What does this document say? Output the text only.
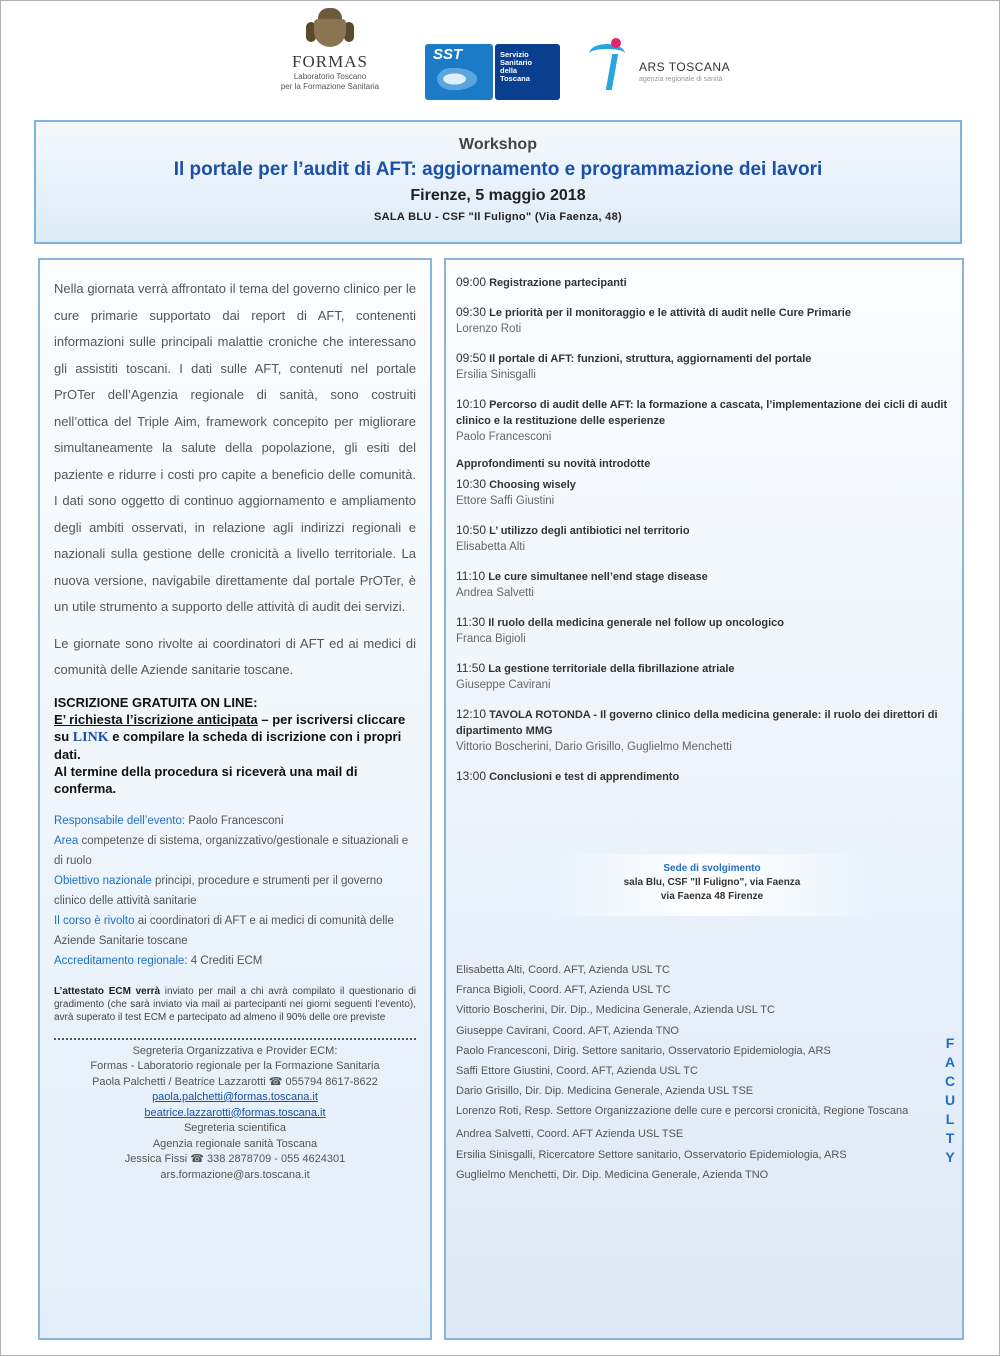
FORMAS
Laboratorio Toscano
per la Formazione Sanitaria
SST	Servizio
Sanitario
della
Toscana
ARS TOSCANA
agenzia regionale di sanità
Workshop
Il portale per l’audit di AFT: aggiornamento e programmazione dei lavori
Firenze, 5 maggio 2018
SALA BLU - CSF "Il Fuligno" (Via Faenza, 48)

Nella giornata verrà affrontato il tema del governo clinico per le cure primarie supportato dai report di AFT, contenenti informazioni sulle principali malattie croniche che interessano gli assistiti toscani. I dati sulle AFT, contenuti nel portale PrOTer dell’Agenzia regionale di sanità, sono costruiti nell’ottica del Triple Aim, framework concepito per migliorare simultaneamente la salute della popolazione, gli esiti del paziente e ridurre i costi pro capite a beneficio delle comunità. I dati sono oggetto di continuo aggiornamento e ampliamento degli ambiti osservati, in relazione agli indirizzi regionali e nazionali sulla gestione delle cronicità a livello territoriale. La nuova versione, navigabile direttamente dal portale PrOTer, è un utile strumento a supporto delle attività di audit dei servizi.

Le giornate sono rivolte ai coordinatori di AFT ed ai medici di comunità delle Aziende sanitarie toscane.

ISCRIZIONE GRATUITA ON LINE:
E’ richiesta l’iscrizione anticipata – per iscriversi cliccare su LINK e compilare la scheda di iscrizione con i propri dati.
Al termine della procedura si riceverà una mail di conferma.
Responsabile dell’evento: Paolo Francesconi
Area competenze di sistema, organizzativo/gestionale e situazionali e di ruolo
Obiettivo nazionale principi, procedure e strumenti per il governo clinico delle attività sanitarie
Il corso è rivolto ai coordinatori di AFT e ai medici di comunità delle Aziende Sanitarie toscane
Accreditamento regionale: 4 Crediti ECM
L’attestato ECM verrà inviato per mail a chi avrà compilato il questionario di gradimento (che sarà inviato via mail ai partecipanti nei giorni seguenti l’evento), avrà superato il test ECM e partecipato ad almeno il 90% delle ore previste
Segreteria Organizzativa e Provider ECM:
Formas - Laboratorio regionale per la Formazione Sanitaria
Paola Palchetti / Beatrice Lazzarotti ☎ 055794 8617-8622
paola.palchetti@formas.toscana.it
beatrice.lazzarotti@formas.toscana.it
Segreteria scientifica
Agenzia regionale sanità Toscana
Jessica Fissi ☎ 338 2878709 - 055 4624301
ars.formazione@ars.toscana.it
09:00 Registrazione partecipanti
09:30 Le priorità per il monitoraggio e le attività di audit nelle Cure Primarie
Lorenzo Roti
09:50 Il portale di AFT: funzioni, struttura, aggiornamenti del portale
Ersilia Sinisgalli
10:10 Percorso di audit delle AFT: la formazione a cascata, l’implementazione dei cicli di audit clinico e la restituzione delle esperienze
Paolo Francesconi
Approfondimenti su novità introdotte
10:30 Choosing wisely
Ettore Saffi Giustini
10:50 L’ utilizzo degli antibiotici nel territorio
Elisabetta Alti
11:10 Le cure simultanee nell’end stage disease
Andrea Salvetti
11:30 Il ruolo della medicina generale nel follow up oncologico
Franca Bigioli
11:50 La gestione territoriale della fibrillazione atriale
Giuseppe Cavirani
12:10 TAVOLA ROTONDA - Il governo clinico della medicina generale: il ruolo dei direttori di dipartimento MMG
Vittorio Boscherini, Dario Grisillo, Guglielmo Menchetti
13:00 Conclusioni e test di apprendimento
Sede di svolgimento
sala Blu, CSF "Il Fuligno", via Faenza
via Faenza 48 Firenze
Elisabetta Alti, Coord. AFT, Azienda USL TC
Franca Bigioli, Coord. AFT, Azienda USL TC
Vittorio Boscherini, Dir. Dip., Medicina Generale, Azienda USL TC
Giuseppe Cavirani, Coord. AFT, Azienda TNO
Paolo Francesconi, Dirig. Settore sanitario, Osservatorio Epidemiologia, ARS
Saffi Ettore Giustini, Coord. AFT, Azienda USL TC
Dario Grisillo, Dir. Dip. Medicina Generale, Azienda USL TSE
Lorenzo Roti, Resp. Settore Organizzazione delle cure e percorsi cronicità, Regione Toscana
Andrea Salvetti, Coord. AFT Azienda USL TSE
Ersilia Sinisgalli, Ricercatore Settore sanitario, Osservatorio Epidemiologia, ARS
Guglielmo Menchetti, Dir. Dip. Medicina Generale, Azienda TNO
F
A
C
U
L
T
Y
